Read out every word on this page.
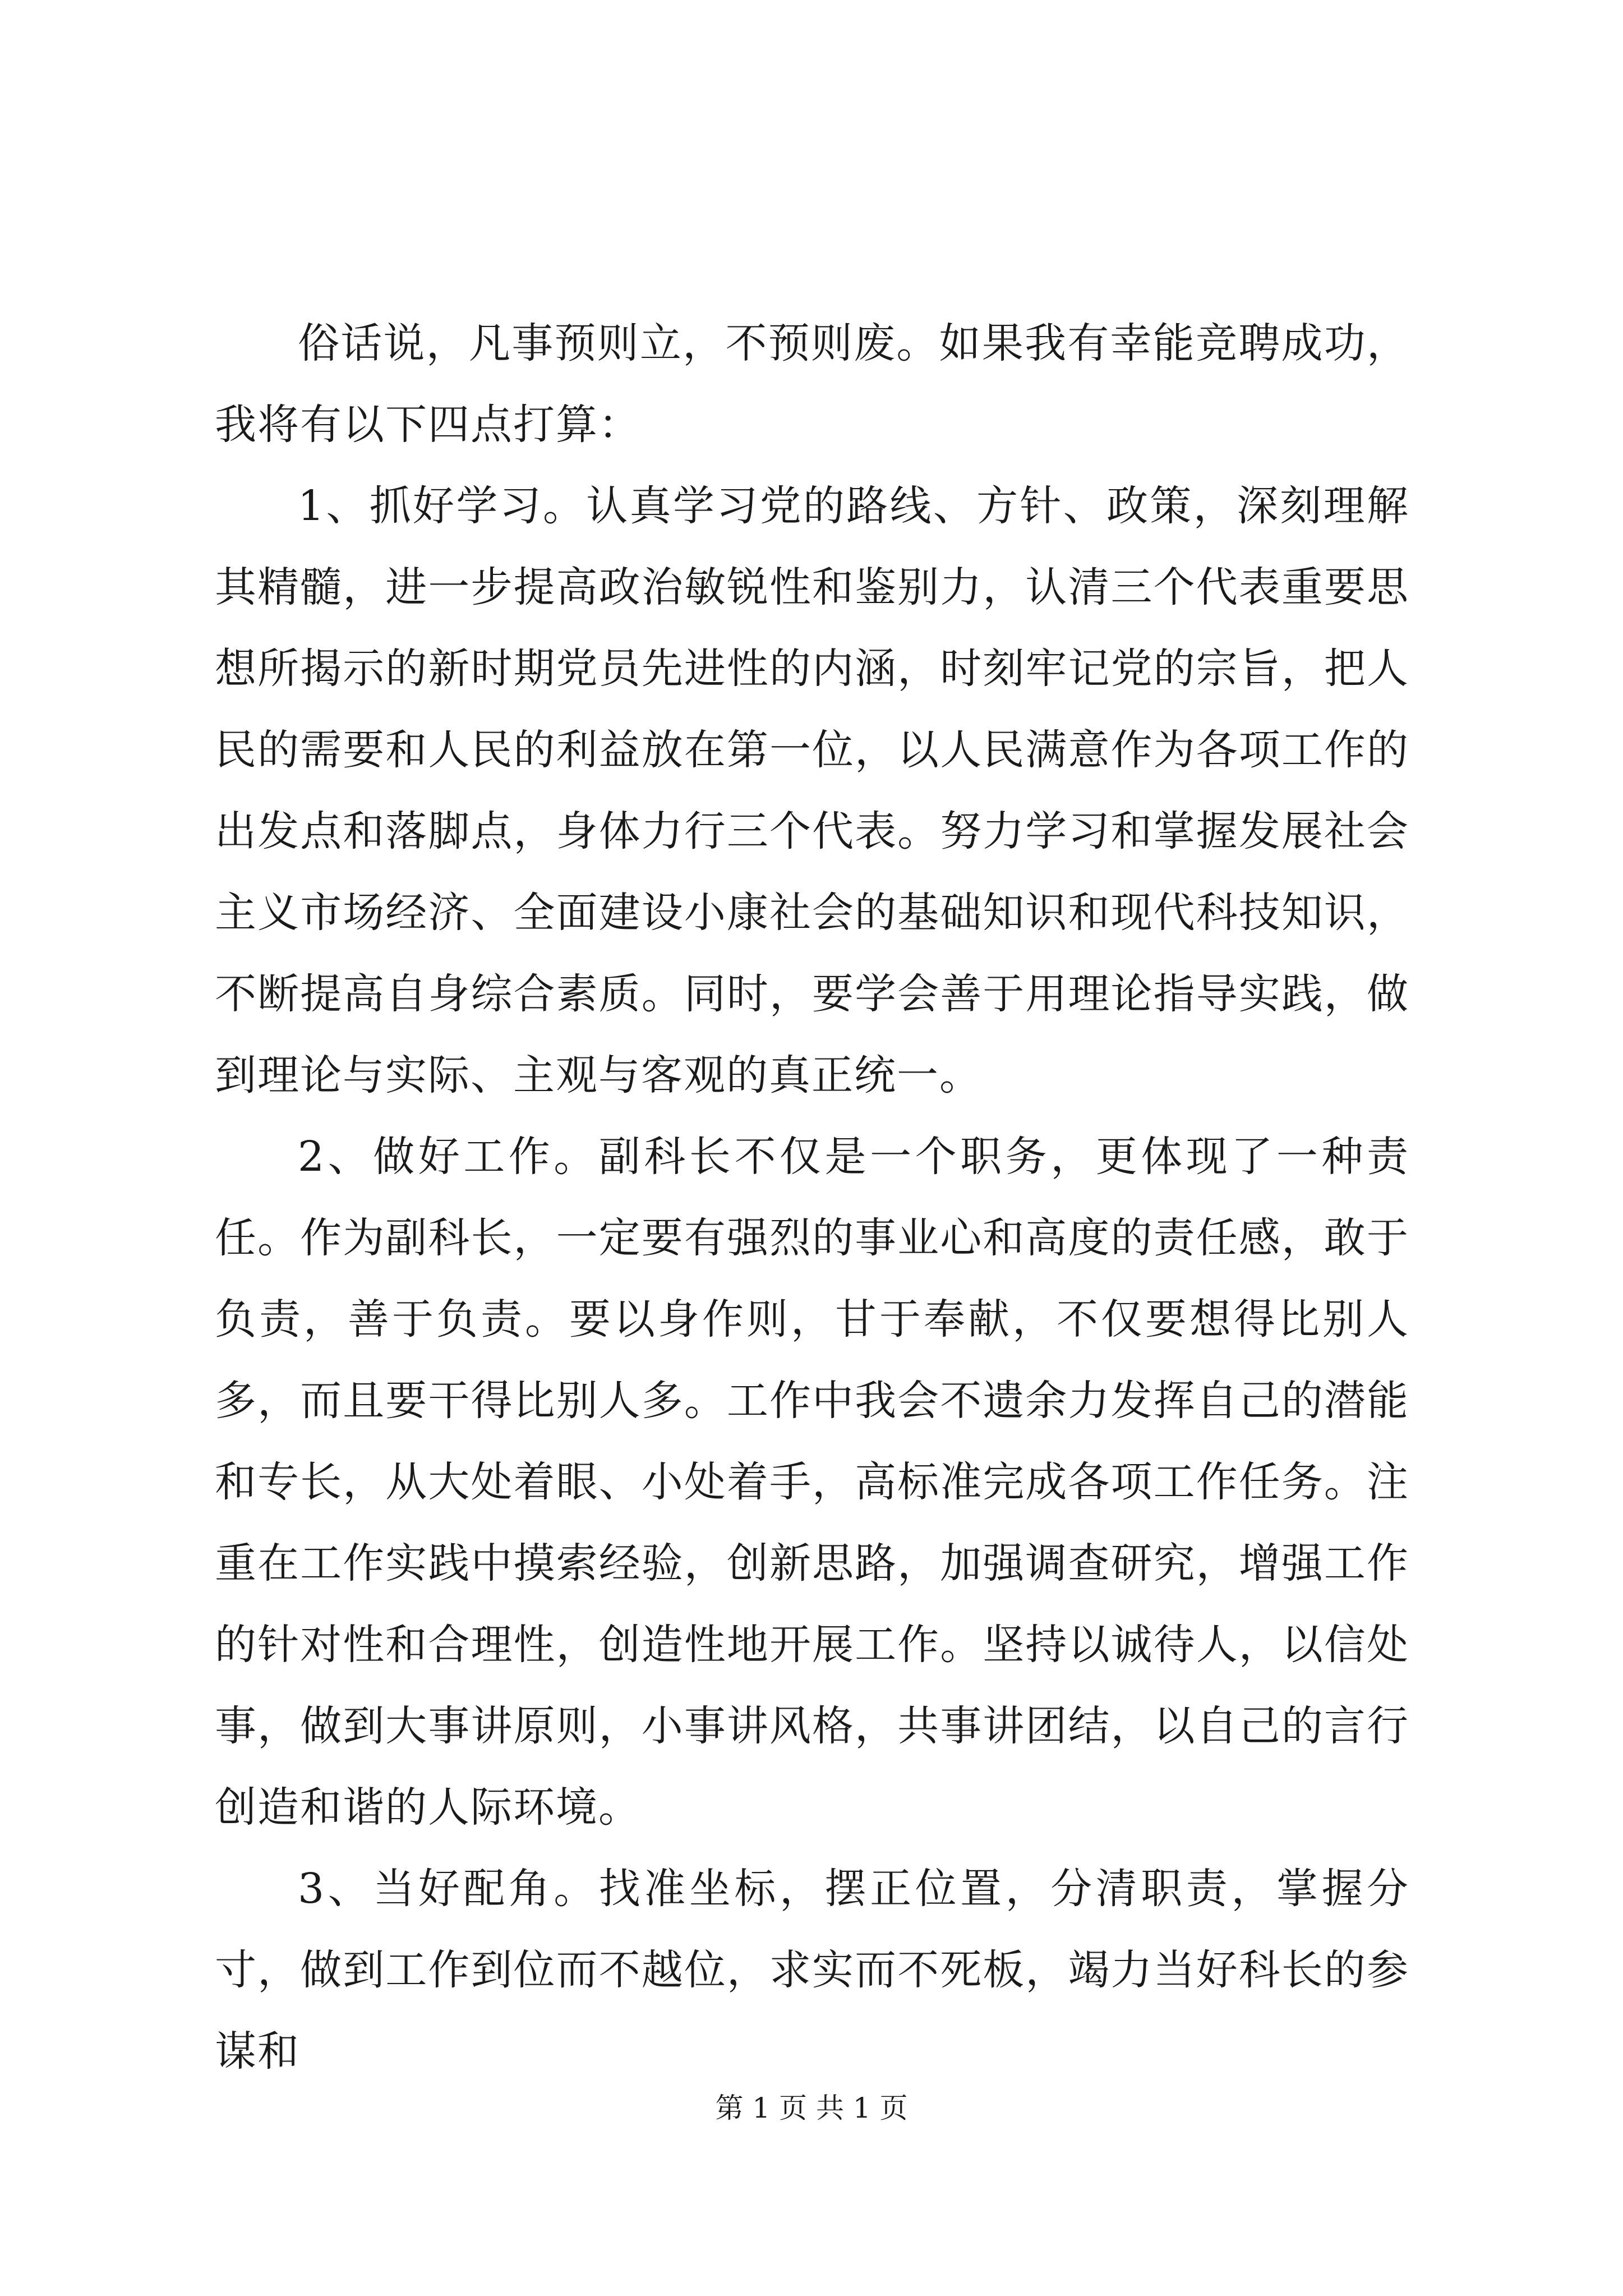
俗话说，凡事预则立，不预则废。如果我有幸能竞聘成功，我将有以下四点打算：

1、抓好学习。认真学习党的路线、方针、政策，深刻理解其精髓，进一步提高政治敏锐性和鉴别力，认清三个代表重要思想所揭示的新时期党员先进性的内涵，时刻牢记党的宗旨，把人民的需要和人民的利益放在第一位，以人民满意作为各项工作的出发点和落脚点，身体力行三个代表。努力学习和掌握发展社会主义市场经济、全面建设小康社会的基础知识和现代科技知识，不断提高自身综合素质。同时，要学会善于用理论指导实践，做到理论与实际、主观与客观的真正统一。

2、做好工作。副科长不仅是一个职务，更体现了一种责任。作为副科长，一定要有强烈的事业心和高度的责任感，敢于负责，善于负责。要以身作则，甘于奉献，不仅要想得比别人多，而且要干得比别人多。工作中我会不遗余力发挥自己的潜能和专长，从大处着眼、小处着手，高标准完成各项工作任务。注重在工作实践中摸索经验，创新思路，加强调查研究，增强工作的针对性和合理性，创造性地开展工作。坚持以诚待人，以信处事，做到大事讲原则，小事讲风格，共事讲团结，以自己的言行创造和谐的人际环境。

3、当好配角。找准坐标，摆正位置，分清职责，掌握分寸，做到工作到位而不越位，求实而不死板，竭力当好科长的参谋和

第 1 页 共 1 页
